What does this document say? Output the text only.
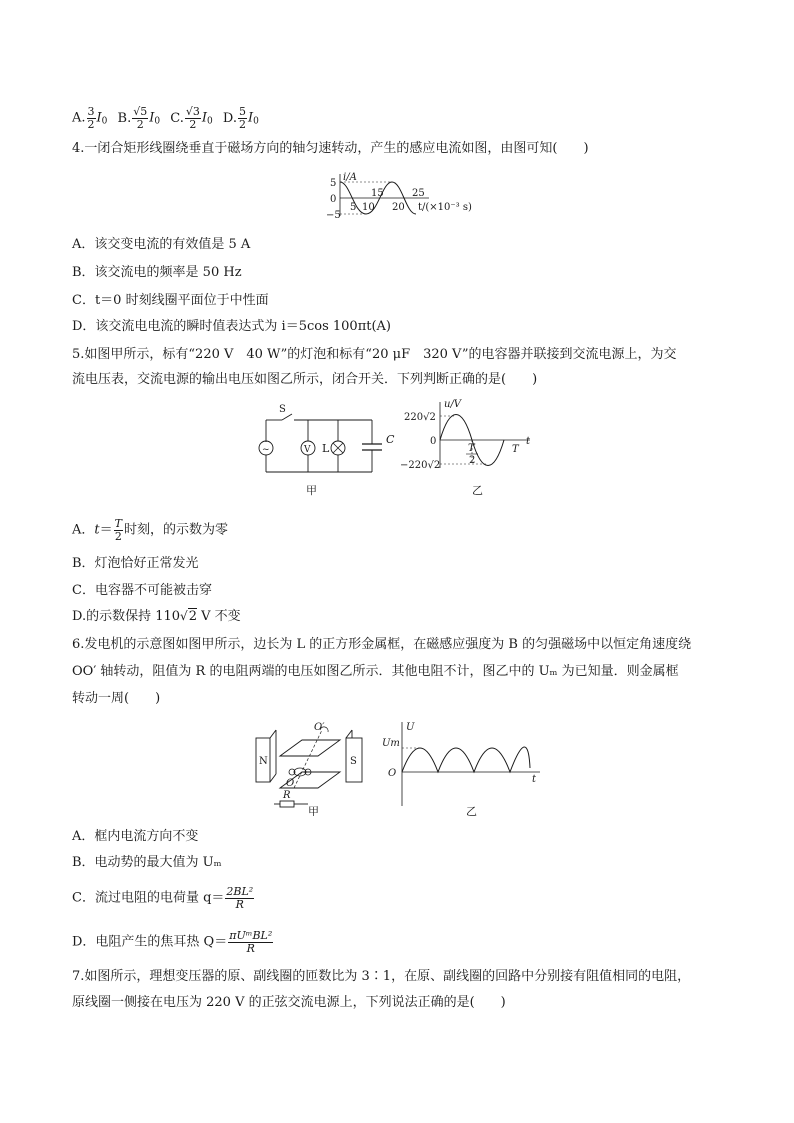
A. $\frac{3}{2} I_0$ B. $\frac{√5}{2} I_0$ C. $\frac{√3}{2} I_0$ D. $\frac{5}{2} I_0$
4.一闭合矩形线圈绕垂直于磁场方向的轴匀速转动，产生的感应电流如图，由图可知(　　)
i/A
5
0
−5
5 10 20
15	25
t/(×10⁻³ s)
A．该交变电流的有效值是 5 A
B．该交流电的频率是 50 Hz
C．t＝0 时刻线圈平面位于中性面
D．该交流电电流的瞬时值表达式为 i＝5cos 100πt(A)
5.如图甲所示，标有“220 V　40 W”的灯泡和标有“20 μF　320 V”的电容器并联接到交流电源上，为交
流电压表，交流电源的输出电压如图乙所示，闭合开关．下列判断正确的是(　　)
~	V L
C
S
甲
u/V
220√2
0
−220√2
T
2
T
t
乙
A．$t= \frac{T}{2}$ 时刻，的示数为零
B．灯泡恰好正常发光
C．电容器不可能被击穿
D.的示数保持 110√2 V 不变
6.发电机的示意图如图甲所示，边长为 L 的正方形金属框，在磁感应强度为 B 的匀强磁场中以恒定角速度绕
OO′ 轴转动，阻值为 R 的电阻两端的电压如图乙所示．其他电阻不计，图乙中的 Uₘ 为已知量．则金属框
转动一周(　　)
N	S
O′
O
R
甲
U
Um
O
t
乙
A．框内电流方向不变
B．电动势的最大值为 Uₘ
C．流过电阻的电荷量 $q= \frac{\text{2BL²}}{R}$
D．电阻产生的焦耳热 $Q= \frac{\text{πUᵐBL²}}{R}$
7.如图所示，理想变压器的原、副线圈的匝数比为 3∶1，在原、副线圈的回路中分别接有阻值相同的电阻，
原线圈一侧接在电压为 220 V 的正弦交流电源上，下列说法正确的是(　　)
